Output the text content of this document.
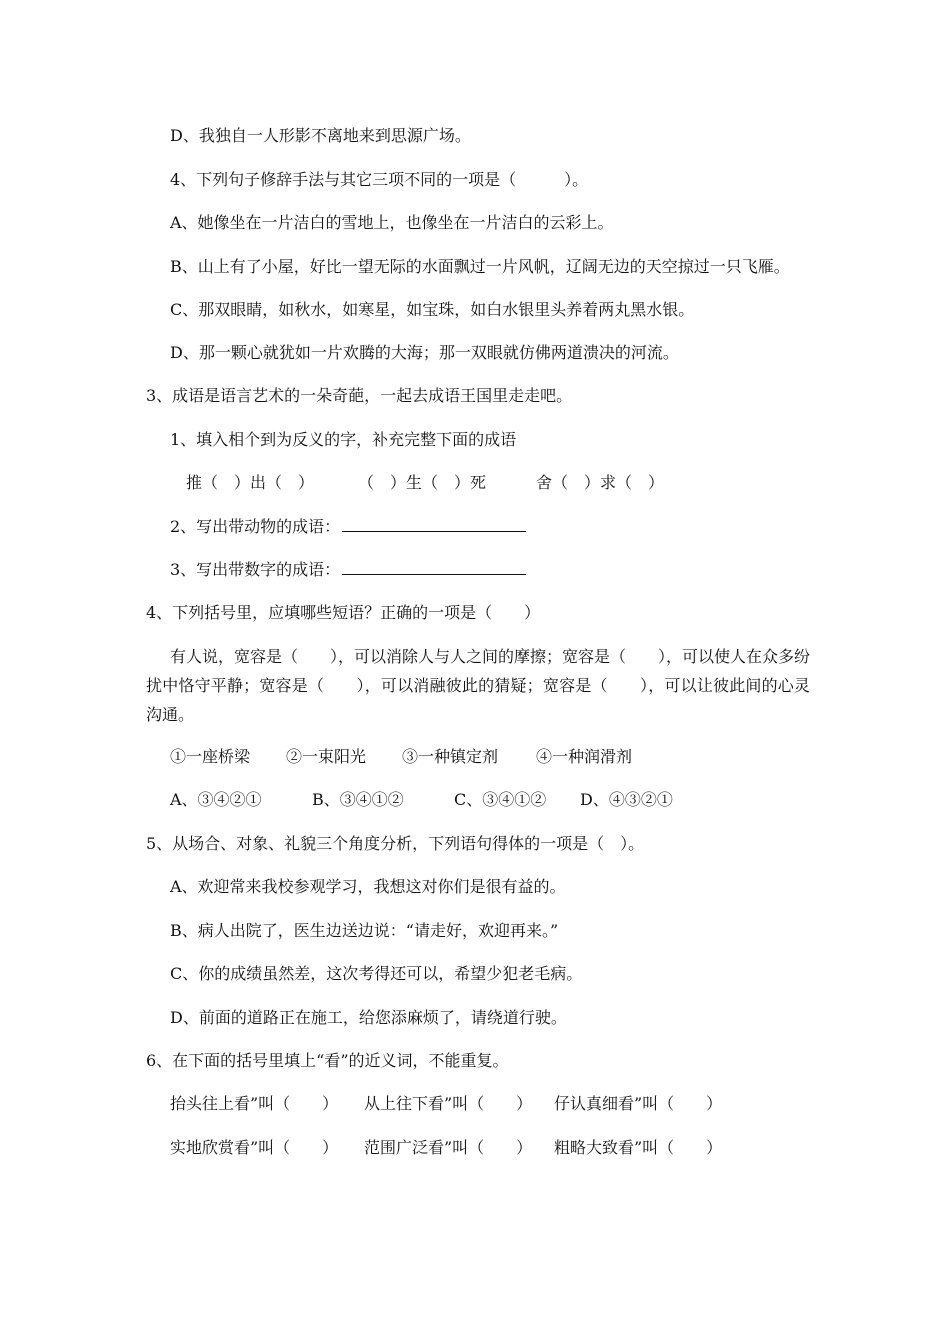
D、我独自一人形影不离地来到思源广场。
4、下列句子修辞手法与其它三项不同的一项是（　　　）。
A、她像坐在一片洁白的雪地上，也像坐在一片洁白的云彩上。
B、山上有了小屋，好比一望无际的水面飘过一片风帆，辽阔无边的天空掠过一只飞雁。
C、那双眼睛，如秋水，如寒星，如宝珠，如白水银里头养着两丸黑水银。
D、那一颗心就犹如一片欢腾的大海；那一双眼就仿佛两道溃决的河流。
3、成语是语言艺术的一朵奇葩，一起去成语王国里走走吧。
1、填入相个到为反义的字，补充完整下面的成语
推（　）出（　）	（　）生（　）死	舍（　）求（　）
2、写出带动物的成语：
3、写出带数字的成语：
4、下列括号里，应填哪些短语？正确的一项是（　　）
有人说，宽容是（　　），可以消除人与人之间的摩擦；宽容是（　　），可以使人在众多纷扰中恪守平静；宽容是（　　），可以消融彼此的猜疑；宽容是（　　），可以让彼此间的心灵沟通。
①一座桥梁 ②一束阳光 ③一种镇定剂 ④一种润滑剂
A、③④②①	B、③④①②	C、③④①② D、④③②①
5、从场合、对象、礼貌三个角度分析，下列语句得体的一项是（　）。
A、欢迎常来我校参观学习，我想这对你们是很有益的。
B、病人出院了，医生边送边说：“请走好，欢迎再来。”
C、你的成绩虽然差，这次考得还可以，希望少犯老毛病。
D、前面的道路正在施工，给您添麻烦了，请绕道行驶。
6、在下面的括号里填上“看”的近义词，不能重复。
抬头往上看”叫（　　） 从上往下看”叫（　　） 仔认真细看”叫（　　）
实地欣赏看”叫（　　） 范围广泛看”叫（　　） 粗略大致看”叫（　　）
